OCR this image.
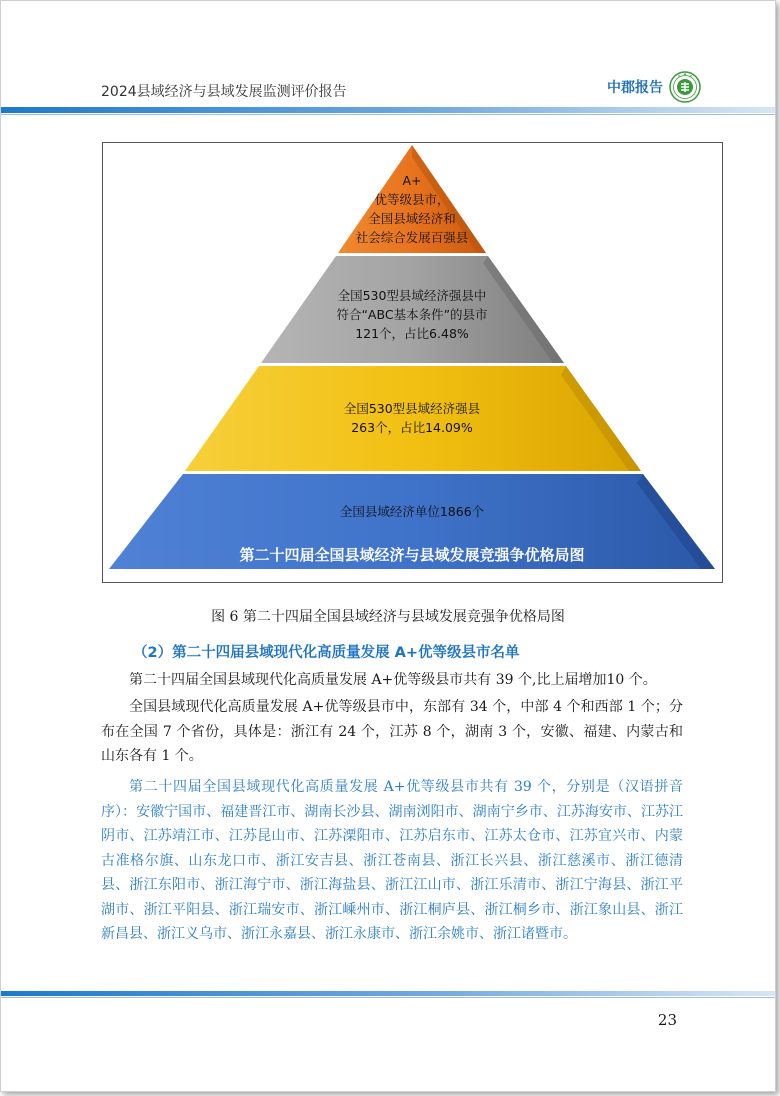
2024县域经济与县域发展监测评价报告	中郡报告
A+
优等级县市，
全国县域经济和
社会综合发展百强县
全国530型县域经济强县中
符合“ABC基本条件”的县市
121个，占比6.48%
全国530型县域经济强县
263个，占比14.09%
全国县域经济单位1866个
第二十四届全国县域经济与县域发展竞强争优格局图
图 6 第二十四届全国县域经济与县域发展竞强争优格局图
（2）第二十四届县域现代化高质量发展 A+优等级县市名单
第二十四届全国县域现代化高质量发展 A+优等级县市共有 39 个,比上届增加10 个。
全国县域现代化高质量发展 A+优等级县市中，东部有 34 个，中部 4 个和西部 1 个；分布在全国 7 个省份，具体是：浙江有 24 个，江苏 8 个，湖南 3 个，安徽、福建、内蒙古和山东各有 1 个。
第二十四届全国县域现代化高质量发展 A+优等级县市共有 39 个，分别是（汉语拼音序）：安徽宁国市、福建晋江市、湖南长沙县、湖南浏阳市、湖南宁乡市、江苏海安市、江苏江阴市、江苏靖江市、江苏昆山市、江苏溧阳市、江苏启东市、江苏太仓市、江苏宜兴市、内蒙古准格尔旗、山东龙口市、浙江安吉县、浙江苍南县、浙江长兴县、浙江慈溪市、浙江德清县、浙江东阳市、浙江海宁市、浙江海盐县、浙江江山市、浙江乐清市、浙江宁海县、浙江平湖市、浙江平阳县、浙江瑞安市、浙江嵊州市、浙江桐庐县、浙江桐乡市、浙江象山县、浙江新昌县、浙江义乌市、浙江永嘉县、浙江永康市、浙江余姚市、浙江诸暨市。
23
